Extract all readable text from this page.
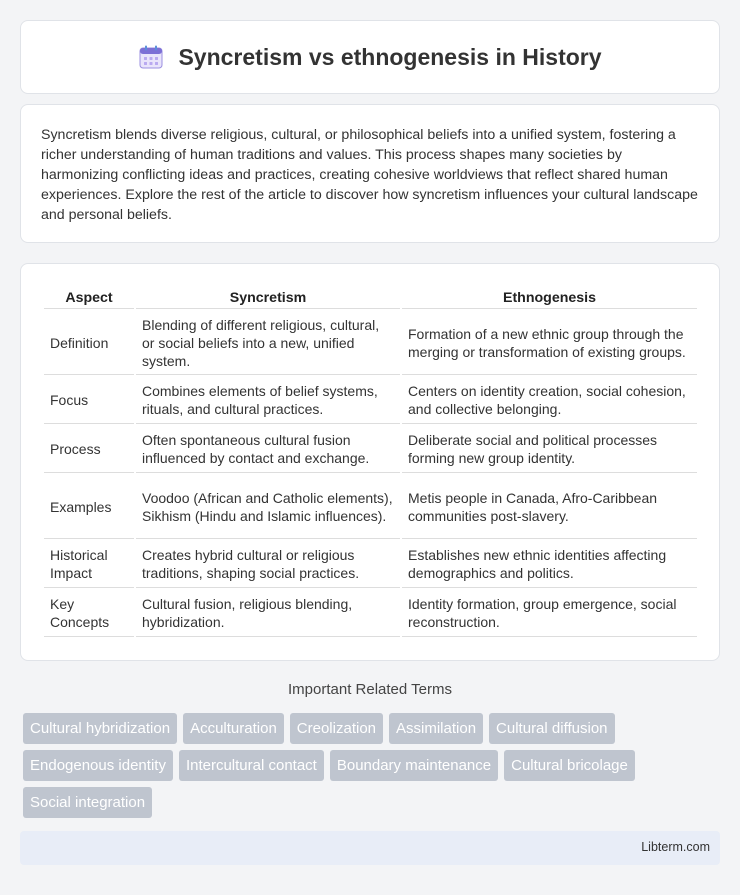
Syncretism vs ethnogenesis in History

Syncretism blends diverse religious, cultural, or philosophical beliefs into a unified system, fostering a richer understanding of human traditions and values. This process shapes many societies by harmonizing conflicting ideas and practices, creating cohesive worldviews that reflect shared human experiences. Explore the rest of the article to discover how syncretism influences your cultural landscape and personal beliefs.

Aspect	Syncretism	Ethnogenesis
Definition	Blending of different religious, cultural, or social beliefs into a new, unified system.	Formation of a new ethnic group through the merging or transformation of existing groups.
Focus	Combines elements of belief systems, rituals, and cultural practices.	Centers on identity creation, social cohesion, and collective belonging.
Process	Often spontaneous cultural fusion influenced by contact and exchange.	Deliberate social and political processes forming new group identity.
Examples	Voodoo (African and Catholic elements), Sikhism (Hindu and Islamic influences).	Metis people in Canada, Afro-Caribbean communities post-slavery.
Historical Impact	Creates hybrid cultural or religious traditions, shaping social practices.	Establishes new ethnic identities affecting demographics and politics.
Key Concepts	Cultural fusion, religious blending, hybridization.	Identity formation, group emergence, social reconstruction.
Important Related Terms
Cultural hybridization	Acculturation	Creolization	Assimilation	Cultural diffusion
Endogenous identity	Intercultural contact	Boundary maintenance	Cultural bricolage
Social integration
Libterm.com
